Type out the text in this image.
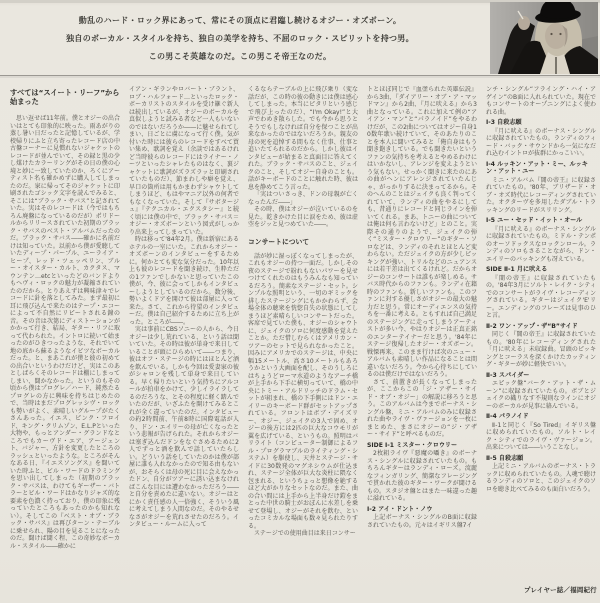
動乱のハード・ロック界にあって、常にその頂点に君臨し続けるオジー・オズボーン。
独自のボーカル・スタイルを持ち、独自の美学を持ち、不屈のロック・スピリットを持つ男。
この男こそ英雄なのだ。この男こそ帝王なのだ。
すべては“スイート・リーフ”から始まった
思い返せば11年前。僕とオジーの出合いはとても印象的に映った。雨あがりの蒸し暑い日だったと記憶しているが、学校帰りにふと立ち寄ったレコード店の中古盤コーナーに見慣れないジャケットのレコードが並んでいて、その緑と黒の少し煤けたカラーリングがその日の僕の心境と妙に一致していたのか、ろくにアーティスト名も確かめずに購入してしまったのだ。家に帰ってそのジャケットに印刷されたゴシック文字を読んでみると、そこには“ブラック・サバス”と記されていた。実はそのレコードは（今ではもちろん廃盤になっているのだが）ポリドールからリリースされていた初期のブラック・サバスのベスト・アルバムだったのだ。ブラック・サバス――確かに名前だけは知っていた。以前から僕が愛聴していたディープ・パープル、ユーライア・ヒープ、レッド・ツェッペリン、ブルー・オイスター・カルト、カクタス、マウンテン…etcといったどのバンドよりもヘヴィ・ロックの魅力が凝縮されていたのだから。とりあえずは興味津々でレコードに針を落としてみた。まず最初に耳に飛び込んで来たのはテープ・エコーによって不自然にリピートされる鐘の音。その音は次第にディストーションがかかって行き、結局、ギター・リフに取って代わられた。イントロに続いて始まったのがひきつったような、それでいて地の底から蘇るようなイビツなボーカルだった。と、まあこれが僕と彼の初めての出合いというわけだけど、実はこのあとしばらくそのレコードは棚にしまってしまい、聞かなかった。というのもその頃から僕はプログレ／ハード、純然たるプログレの方に興味を持ちはじめたので、当時はまだプログレッシヴ・ロックも勢いがよく、素晴しいグループがたくさんあった。イエス、ピンク・フロイド、キング・クリムゾン、E.L.Pといった大物や、もっとアンダー・グランドなところでもカーヴド・エア、アージェント、バジャー、方針を変更したところのラッシュといったような。ところがそんなある日、『イエスソングス』を聞いていた時ふと、ビル・ワードのドラミングを思い出してしまった（初期のブラック・サバスは、わけてもギーザー・バトラーとビル・ワードはかなりジャズ的な要素を色濃く持っており、僕の印象に残っていたところもあったのかも知れない）。そしてこの『ベスト・オブ・ブラック・サバス』は再びターン・テーブルに乗せられ、陽の目を見ることになったのだ。聞けば聞く程、この奇妙なボーカル・スタイル――確かに
イアン・ギランやロバート・プラント、ロブ・ハルフォード…といったロック・ボーカリストのスタイルを受け継ぐ新人は続出しているが、オジーのボーカルを真似しようと試みる者など一人もいないのではないだろうか――に魅せられてしまい、日ごとに虜になって行く僕。気が付いた時には彼らのレコードをすべて買い集め、歌詞を覚え（余談ではあるけれど当時彼らのレコードにはライナー・ノーツといったシャレたものはなく、裏ジャケットに歌詞がズラズラッと印刷されていたものだ）、節まわしや癖を覚え、早口の箇所は用もかまわずシャウトしてしまうほど、もはやマニア以外の何者でもなくなっていた。そして『サボタージュ』『テクニカル・エクスタシー』と続く頃には僕の中で、ブラック・サバス＝オジー・オズボーンという図式がしっかり出来上ってしまっていた。
時は移って'84年2月。僕は新宿にあるホテルの一室にいた。これからオジー・オズボーンのインタビューをするために。何かとても変な気分だった。10年以上も彼のレコードを聞き続け、生粋ただの1ファンでしかないと思っていたこの僕が、今、彼に会ってしかもインタビューしようとしているのだから。数分後、勢いよくドアを開けて彼は部屋に入って来た。さて、これから待望のインタビューだ。僕は自己紹介するために立ち上がった。ところが――。
実は事前にCBSソニーの人から、今日オジーは少し荒れている、という話は聞いていた。その時は彼が単身で来日していることが頭にひらめいて――つまり、彼はオフ・ステージの時にはほとんど酒を飲んでいる。しかも今回は愛妻家の彼がシャロンを残して単身で来日している。早く帰りたいという気持ちにアルコールが拍車をかけて、少しイライラしてるのだろうな、とその程度に軽く踏んでいたのだが、いざふたを開けてみるとこれが全く違っていたのだ。インタビューの約2時間前、午前8時に国際電話が入り、ドン・エイリーの母が亡くなったという悲報が告げられた。それからオジーは塞ぎ込んだドンをなぐさめるために2人でずっと酒を飲んで話していたらしい。どういう話をしていたのかは僕が部屋に誰も入れなかったので知る由もないが、おそらくは母の死に目に会えなかったドン、自分がツアーに誘い込まなければこんな目には遭わなかっただろう――と自分を責めたに違いない。オジーはとにかく責任感の人一倍強く、そういう風に考えてしまう人間なのだ。そのやるせなさがオジーを荒れさせたのだろう。インタビュー・ルームに入って
くるならテーブルの上に飛び乗り（変な話だが、この時の彼の動きには僕は感心してしまった。本当にピタリという感じで飛び上ったのだ）、“I'm Okay!”と大声でわめき散らした。でも今から思うとそうでもしなければ自分を保つことが出来なかったのではないだろうか。親友の母の死を追悼する間もなく仕事、仕事と追いたてられるのだから。しかし彼はインタビューが始まると真面目に答えてくれた。ブラック・サバスのこと、ジェイクのこと、そしてオジー自身のことも。話がキーボードのことに触れた時、彼は息を静めてこう言った。
「実はついさっき、ドンの母親が亡くなったんだ――」
その時、僕はオジーが泣いているのを見た。乾きかけた目に涙をため、彼は虚空をジッと見つめていた――。
コンサートについて
話が妙に湿っぽくなってしまったが、これもオジーの持つ一面だ。しかしその夜のステージで紛れもないパワーを見せつけてくれたのはもうみんなも知っているだろう。簡素なステージ・セット。シンプルな照明という、一切のギミックを排したステージングにもかかわらず、会場全体の聴衆を恍惚自失の状態にしてしまうほど素晴らしいコンサートだった。客席で見ていた僕も、オジーのシャウトに、ジェイクのソロに何度感動を覚えたことか。ただ惜しむらくはアメリカン・ツアーのセットで見られなかったこと。因みにアメリカでのステージは、中央に幅15メートル、高さ10メートルもあろうかという大画面を配し、そのうしろにはちょうどローマ水道のようなアーチ橋が上手から下手に横切っていて、橋の中央にトミー・アルドリッチのドラム・セットが組まれ、橋の下手側にはドン・エイリーのキーボード群がセットアップされている。フロントはボブ・デイズリー、オジー、ジェイクの3人で固め、オジーの後方には2匹の巨大なコウモリが翼を広げている、というもの。照明はバリライト（コンピューター制御によるフル・プログラマブルのライティング・システム）を駆使し、天井とステージ・サイドに30数発のマグネシウムが仕込まれ、ステージ全体が巨大な炎柱に隈なく包まれる、というちょっと想像を絶するほど大がかりなセットなのだ。また、曲の合い間には上手から上半身だけ鎧をまとった中世の騎士がおぼんに水差しを乗せて登場し、オジーがそれを飲む、といったコミカルな場面も数々見られたりする。
ステージでの使用曲目は来日コンサー
トとほぼ同じで『血塗られた英雄伝説』から3曲、『ダイアリー・オブ・ア・マッドマン』から2曲、『月に吠える』から3曲となっている。これに加えて例の“アイアン・マン”と“パラノイド”をやるわけだが、この2曲についてはオジー自身10数年歌い続けていて、そのあたりのことを本人に聞いてみると「俺自身はもう聞き飽きしている。でも聞きたいというファンの気持ちを考えるとやめるわけにはいかないし、アレンジを変えようという気もない。せっかく聞きに来たのにあの曲がヘンにアレンジされていたんじゃ、がっかりするに決まってるから。そのへんのことはジェイクも良く判ってくれていて、ランディの曲をやるにしても、昔通りにレコードと同じラインを弾いてくれる。まあ、トニーの曲については俺は何も言わないけど」とのこと。実際その通りのようで、ジェイクの弾く“ミスター・クロウリー”のギター・ソロなどは、ランディのそれとほとんど変わらない。ただジェイクの方が少しピッキングが強い、トリルなどのニュアンスには若干差は出てくるけれど。だからオジーのコンサートは誰もが楽しめる。サバス時代からのファンも。ランディ在籍時のファンも。新しいファンも。このファンに対する優しさがオジーの最大の魅力だと思う。常にオーディエンスの気持ちを一番に考える。ともすれば自己満足のステージングに走ってしまうアーティストが多い今、やはりオジーは正真正銘のエンターテイナーだと思う。'84年にステージ復帰したオジー・オズボーン。戦慄再来。このまま行けば次のニュー・アルバムも素晴しい作品になることは間違いないだろう。今から心待ちにしているのは僕だけではないだろう。
さて、前置きが長くなってしまったが、ここからこの「ジ・アザー・サイド・オブ・オジー」の解説に移ろうと思う。このアルバムは今までボーナス・シングル盤、ミニ・アルバムのみに収録された曲やライヴ・ヴァージョンを一枚にまとめた、まさにオジーの“ジ・アザー・サイド”と呼べるものだ。
SIDE Ⅰ-1 ミスター・クロウリー
2枚組ライヴ『悪魔の囁き』のボーナス・シングルに収録されていたもの。もちろんギターはランディ・ローズ。流麗なフィンガリング、簡潔なフレージングで貫かれた彼のギター・ワークが聞けるもの。スタジオ盤とはまた一味違った趣に溢れている。
Ⅰ-2 アイ・ドント・ノウ
上記ボーナス・シングルのB面に収録されていたもの。元々はイギリス盤7イ
ンチ・シングル“フライング・ハイ・アゲイン”のB面に入れられていた。現在でもコンサートのオープニングによく使われる曲。
Ⅰ-3 自殺志願
『月に吠える』のボーナス・シングルに収録されていたもの。ランディのフィード・バック・サウンドから一気になだれ込むイントロが抜群にかっこいい。
Ⅰ-4 ルッキン・アット・ミー、ルッキン・アット・ユー
ミニ・アルバム『闇の帝王』に収録されていたもの。'80年、ブリザード・オブ・オズ時代にレコーディングされていた。オクターヴを多用したダブル・トラッキングのリードがスリリング。
Ⅰ-5 ユー・セッド・イット・オール
『月に吠える』のボーナス・シングルに収録されていたもの。ミドル・テンポのオーソドックスなロックンロール。ランディのソロもさることながら、ドン・エイリーのバッキングも冴えている。
SIDE Ⅱ-1 月に吠える
『闇の帝王』に収録されていたもの。'84年3月にソルト・レイク・シティでのコンサートがライヴ・レコーディングされている。ギターはジェイク'E'リー。エンディングのフレーズは見事のひと言。
Ⅱ-2 ワン・アップ・ザ“B”サイド
同じく『闇の帝王』に収録されていたもの。'80年にレコーディングされた「月に吠える」未収録曲。冒頭のピッキングとコーラスを深くかけたカッティング・ギターが妙に軽快でいい。
Ⅱ-3 スパイダー
エピック盤“バーク・アット・ザ・ムーン”に収録されていたもの。ボブとジェイクの織りなす不規則なラインにオジーのボーカルが見事に絡んでいる。
Ⅱ-4 パラノイド
Ⅱ-1と同じく『So Tired』イギリス盤に収められていたもの。ソルト・レイク・シティでのライヴ・ヴァージョン。出来については――いうことなし。
Ⅱ-5 自殺志願
上記ミニ・アルバムのボーナス・トラックに収められていたもの。入魂で聴けるランディのソロと、このジェイクのソロを聴き比べてみるのも面白いだろう。
プレイヤー誌／福岡紀行
